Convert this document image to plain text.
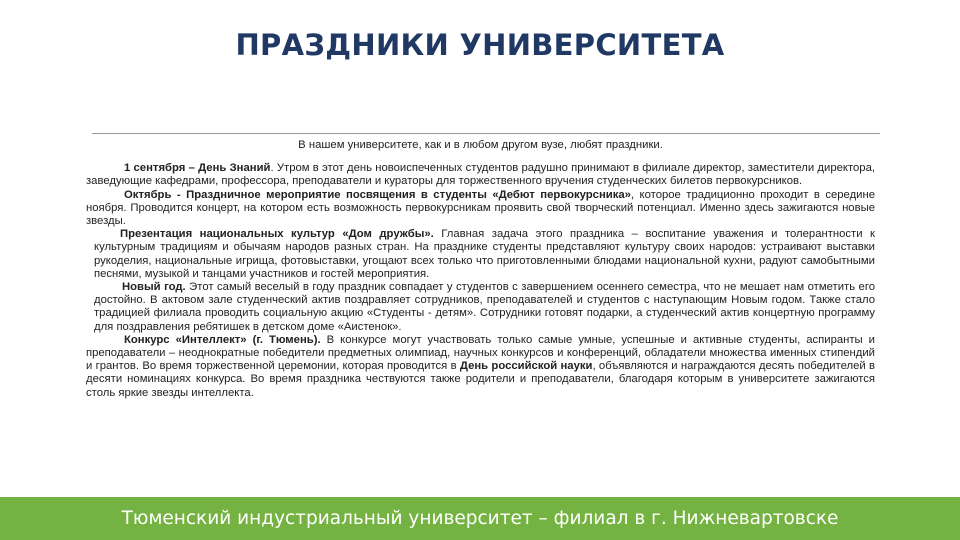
ПРАЗДНИКИ УНИВЕРСИТЕТА

В нашем университете, как и в любом другом вузе, любят праздники.

1 сентября – День Знаний. Утром в этот день новоиспеченных студентов радушно принимают в филиале директор, заместители директора, заведующие кафедрами, профессора, преподаватели и кураторы для торжественного вручения студенческих билетов первокурсников.

Октябрь - Праздничное мероприятие посвящения в студенты «Дебют первокурсника», которое традиционно проходит в середине ноября. Проводится концерт, на котором есть возможность первокурсникам проявить свой творческий потенциал. Именно здесь зажигаются новые звезды.

Презентация национальных культур «Дом дружбы». Главная задача этого праздника – воспитание уважения и толерантности к культурным традициям и обычаям народов разных стран. На празднике студенты представляют культуру своих народов: устраивают выставки рукоделия, национальные игрища, фотовыставки, угощают всех только что приготовленными блюдами национальной кухни, радуют самобытными песнями, музыкой и танцами участников и гостей мероприятия.

Новый год. Этот самый веселый в году праздник совпадает у студентов с завершением осеннего семестра, что не мешает нам отметить его достойно. В актовом зале студенческий актив поздравляет сотрудников, преподавателей и студентов с наступающим Новым годом. Также стало традицией филиала проводить социальную акцию «Студенты - детям». Сотрудники готовят подарки, а студенческий актив концертную программу для поздравления ребятишек в детском доме «Аистенок».

Конкурс «Интеллект» (г. Тюмень). В конкурсе могут участвовать только самые умные, успешные и активные студенты, аспиранты и преподаватели – неоднократные победители предметных олимпиад, научных конкурсов и конференций, обладатели множества именных стипендий и грантов. Во время торжественной церемонии, которая проводится в День российской науки, объявляются и награждаются десять победителей в десяти номинациях конкурса. Во время праздника чествуются также родители и преподаватели, благодаря которым в университете зажигаются столь яркие звезды интеллекта.

Тюменский индустриальный университет – филиал в г. Нижневартовске
